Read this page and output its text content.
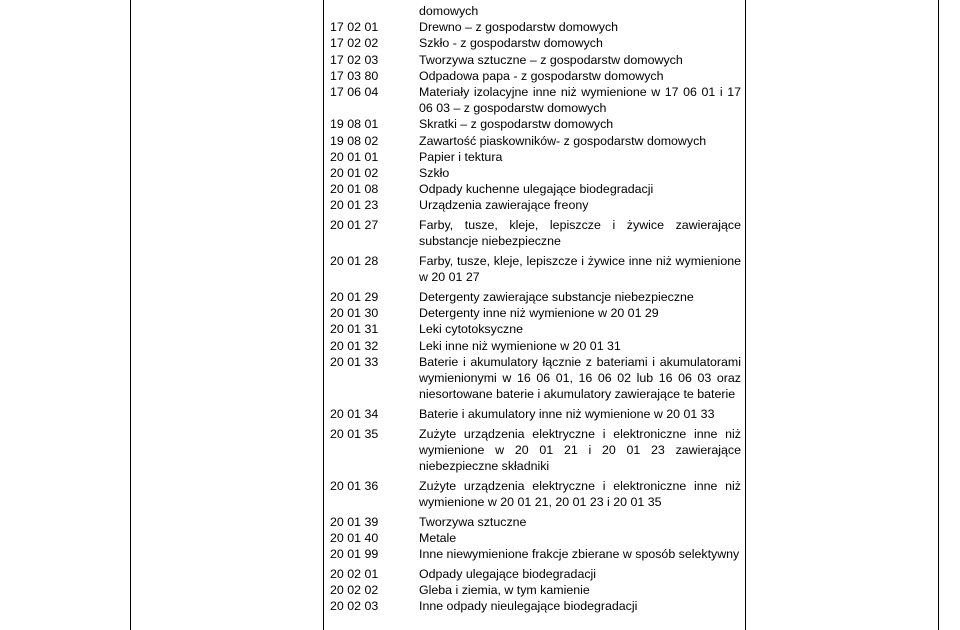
	domowych
17 02 01	Drewno – z gospodarstw domowych
17 02 02	Szkło - z gospodarstw domowych
17 02 03	Tworzywa sztuczne – z gospodarstw domowych
17 03 80	Odpadowa papa - z gospodarstw domowych
17 06 04	Materiały izolacyjne inne niż wymienione w 17 06 01 i 17 06 03 – z gospodarstw domowych
19 08 01	Skratki – z gospodarstw domowych
19 08 02	Zawartość piaskowników- z gospodarstw domowych
20 01 01	Papier i tektura
20 01 02	Szkło
20 01 08	Odpady kuchenne ulegające biodegradacji
20 01 23	Urządzenia zawierające freony
20 01 27	Farby, tusze, kleje, lepiszcze i żywice zawierające substancje niebezpieczne
20 01 28	Farby, tusze, kleje, lepiszcze i żywice inne niż wymienione w 20 01 27
20 01 29	Detergenty zawierające substancje niebezpieczne
20 01 30	Detergenty inne niż wymienione w 20 01 29
20 01 31	Leki cytotoksyczne
20 01 32	Leki inne niż wymienione w 20 01 31
20 01 33	Baterie i akumulatory łącznie z bateriami i akumulatorami wymienionymi w 16 06 01, 16 06 02 lub 16 06 03 oraz niesortowane baterie i akumulatory zawierające te baterie
20 01 34	Baterie i akumulatory inne niż wymienione w 20 01 33
20 01 35	Zużyte urządzenia elektryczne i elektroniczne inne niż wymienione w 20 01 21 i 20 01 23 zawierające niebezpieczne składniki
20 01 36	Zużyte urządzenia elektryczne i elektroniczne inne niż wymienione w 20 01 21, 20 01 23 i 20 01 35
20 01 39	Tworzywa sztuczne
20 01 40	Metale
20 01 99	Inne niewymienione frakcje zbierane w sposób selektywny
20 02 01	Odpady ulegające biodegradacji
20 02 02	Gleba i ziemia, w tym kamienie
20 02 03	Inne odpady nieulegające biodegradacji
